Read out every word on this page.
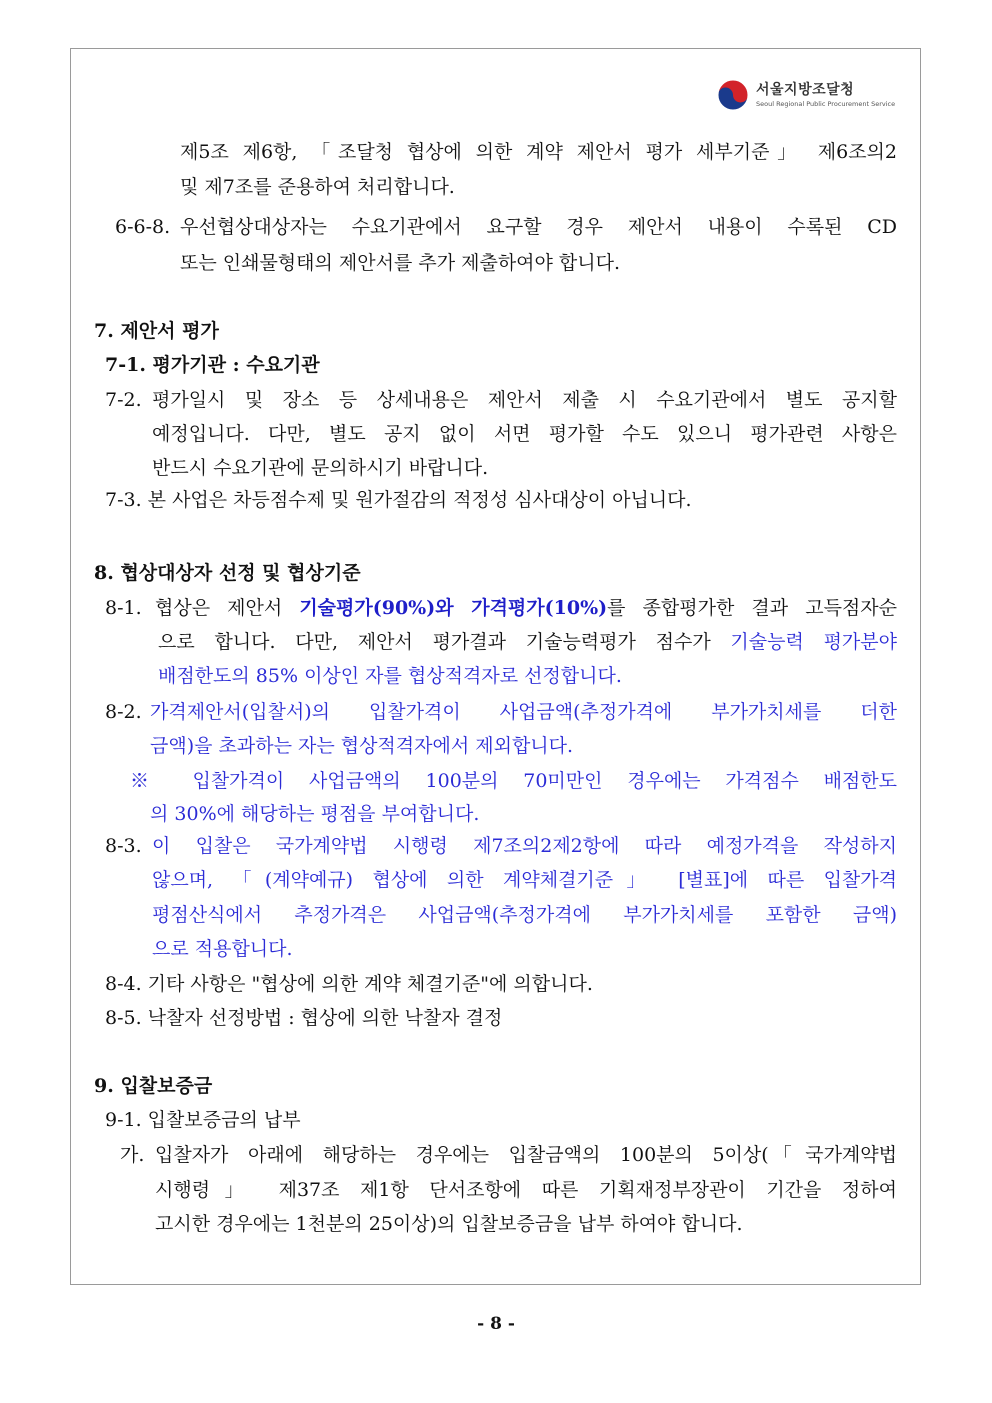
서울지방조달청
Seoul Regional Public Procurement Service
제5조 제6항, 「조달청 협상에 의한 계약 제안서 평가 세부기준」 제6조의2
및 제7조를 준용하여 처리합니다.
6-6-8. 우선협상대상자는 수요기관에서 요구할 경우 제안서 내용이 수록된 CD
또는 인쇄물형태의 제안서를 추가 제출하여야 합니다.
7. 제안서 평가
7-1. 평가기관 : 수요기관
7-2. 평가일시 및 장소 등 상세내용은 제안서 제출 시 수요기관에서 별도 공지할
예정입니다. 다만, 별도 공지 없이 서면 평가할 수도 있으니 평가관련 사항은
반드시 수요기관에 문의하시기 바랍니다.
7-3. 본 사업은 차등점수제 및 원가절감의 적정성 심사대상이 아닙니다.
8. 협상대상자 선정 및 협상기준
8-1. 협상은 제안서 기술평가(90%)와 가격평가(10%)를 종합평가한 결과 고득점자순
으로 합니다. 다만, 제안서 평가결과 기술능력평가 점수가 기술능력 평가분야
배점한도의 85% 이상인 자를 협상적격자로 선정합니다.
8-2. 가격제안서(입찰서)의 입찰가격이 사업금액(추정가격에 부가가치세를 더한
금액)을 초과하는 자는 협상적격자에서 제외합니다.
※ 입찰가격이 사업금액의 100분의 70미만인 경우에는 가격점수 배점한도
의 30%에 해당하는 평점을 부여합니다.
8-3. 이 입찰은 국가계약법 시행령 제7조의2제2항에 따라 예정가격을 작성하지
않으며, 「(계약예규) 협상에 의한 계약체결기준」 [별표]에 따른 입찰가격
평점산식에서 추정가격은 사업금액(추정가격에 부가가치세를 포함한 금액)
으로 적용합니다.
8-4. 기타 사항은 "협상에 의한 계약 체결기준"에 의합니다.
8-5. 낙찰자 선정방법 : 협상에 의한 낙찰자 결정
9. 입찰보증금
9-1. 입찰보증금의 납부
가. 입찰자가 아래에 해당하는 경우에는 입찰금액의 100분의 5이상(「국가계약법
시행령」 제37조 제1항 단서조항에 따른 기획재정부장관이 기간을 정하여
고시한 경우에는 1천분의 25이상)의 입찰보증금을 납부 하여야 합니다.
- 8 -
